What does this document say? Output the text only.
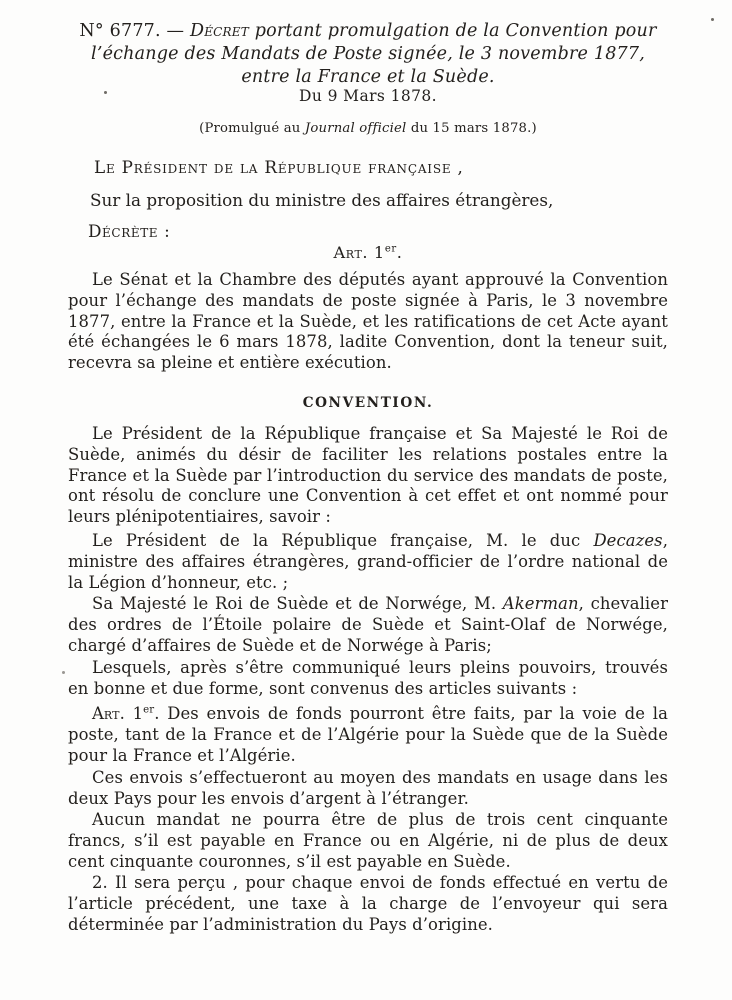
N° 6777. — Décret portant promulgation de la Convention pour l’échange des Mandats de Poste signée, le 3 novembre 1877, entre la France et la Suède.
Du 9 Mars 1878.
(Promulgué au Journal officiel du 15 mars 1878.)
Le Président de la République française ,
Sur la proposition du ministre des affaires étrangères,
Décrète :
Art. 1er.
Le Sénat et la Chambre des députés ayant approuvé la Convention pour l’échange des mandats de poste signée à Paris, le 3 novembre 1877, entre la France et la Suède, et les ratifications de cet Acte ayant été échangées le 6 mars 1878, ladite Convention, dont la teneur suit, recevra sa pleine et entière exécution.
CONVENTION.
Le Président de la République française et Sa Majesté le Roi de Suède, animés du désir de faciliter les relations postales entre la France et la Suède par l’introduction du service des mandats de poste, ont résolu de conclure une Convention à cet effet et ont nommé pour leurs plénipotentiaires, savoir :
Le Président de la République française, M. le duc Decazes, ministre des affaires étrangères, grand-officier de l’ordre national de la Légion d’honneur, etc. ;
Sa Majesté le Roi de Suède et de Norwége, M. Akerman, chevalier des ordres de l’Étoile polaire de Suède et Saint-Olaf de Norwége, chargé d’affaires de Suède et de Norwége à Paris;
Lesquels, après s’être communiqué leurs pleins pouvoirs, trouvés en bonne et due forme, sont convenus des articles suivants :
Art. 1er. Des envois de fonds pourront être faits, par la voie de la poste, tant de la France et de l’Algérie pour la Suède que de la Suède pour la France et l’Algérie.
Ces envois s’effectueront au moyen des mandats en usage dans les deux Pays pour les envois d’argent à l’étranger.
Aucun mandat ne pourra être de plus de trois cent cinquante francs, s’il est payable en France ou en Algérie, ni de plus de deux cent cinquante couronnes, s’il est payable en Suède.
2. Il sera perçu , pour chaque envoi de fonds effectué en vertu de l’article précédent, une taxe à la charge de l’envoyeur qui sera déterminée par l’administration du Pays d’origine.
